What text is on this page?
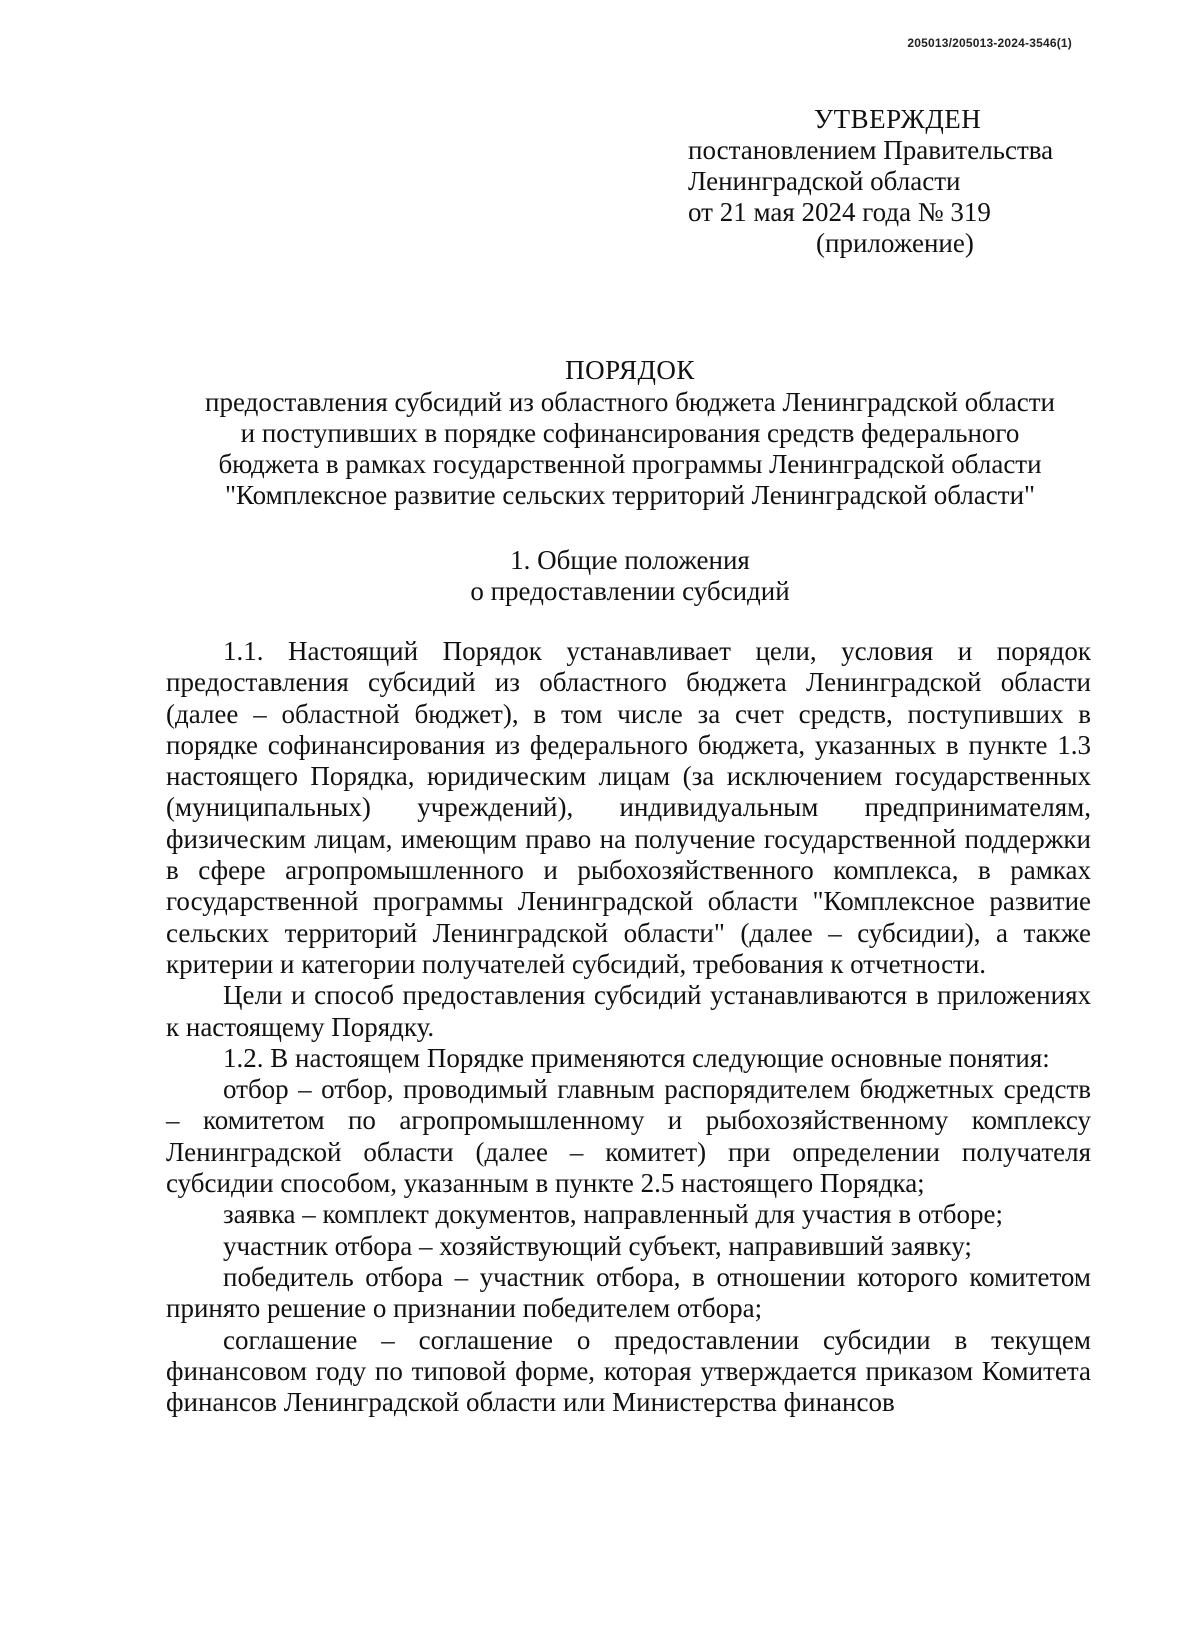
205013/205013-2024-3546(1)
УТВЕРЖДЕН
постановлением Правительства
Ленинградской области
от 21 мая 2024 года № 319
(приложение)
ПОРЯДОК
предоставления субсидий из областного бюджета Ленинградской области
и поступивших в порядке софинансирования средств федерального
бюджета в рамках государственной программы Ленинградской области
"Комплексное развитие сельских территорий Ленинградской области"
1. Общие положения
о предоставлении субсидий

1.1. Настоящий Порядок устанавливает цели, условия и порядок предоставления субсидий из областного бюджета Ленинградской области (далее – областной бюджет), в том числе за счет средств, поступивших в порядке софинансирования из федерального бюджета, указанных в пункте 1.3 настоящего Порядка, юридическим лицам (за исключением государственных (муниципальных) учреждений), индивидуальным предпринимателям, физическим лицам, имеющим право на получение государственной поддержки в сфере агропромышленного и рыбохозяйственного комплекса, в рамках государственной программы Ленинградской области "Комплексное развитие сельских территорий Ленинградской области" (далее – субсидии), а также критерии и категории получателей субсидий, требования к отчетности.

Цели и способ предоставления субсидий устанавливаются в приложениях к настоящему Порядку.

1.2. В настоящем Порядке применяются следующие основные понятия:

отбор – отбор, проводимый главным распорядителем бюджетных средств – комитетом по агропромышленному и рыбохозяйственному комплексу Ленинградской области (далее – комитет) при определении получателя субсидии способом, указанным в пункте 2.5 настоящего Порядка;

заявка – комплект документов, направленный для участия в отборе;

участник отбора – хозяйствующий субъект, направивший заявку;

победитель отбора – участник отбора, в отношении которого комитетом принято решение о признании победителем отбора;

соглашение – соглашение о предоставлении субсидии в текущем финансовом году по типовой форме, которая утверждается приказом Комитета финансов Ленинградской области или Министерства финансов
